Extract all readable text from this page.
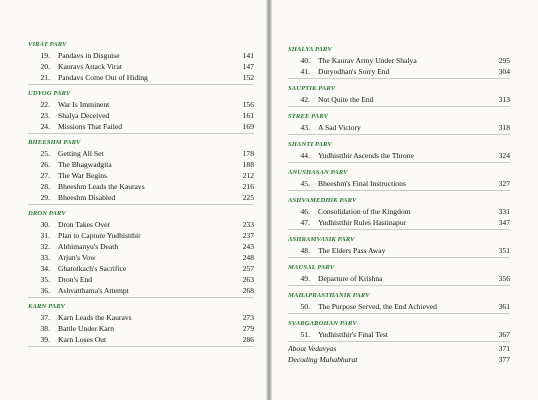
VIRAT PARV
19. Pandavs in Disguise	141
20. Kauravs Attack Virat	147
21. Pandavs Come Out of Hiding	152
UDYOG PARV
22. War Is Imminent	156
23. Shalya Deceived	161
24. Missions That Failed	169
BHEESHM PARV
25. Getting All Set	178
26. The Bhagwadgita	188
27. The War Begins	212
28. Bheeshm Leads the Kauravs	216
29. Bheeshm Disabled	225
DRON PARV
30. Dron Takes Over	233
31. Plan to Capture Yudhistthir	237
32. Abhimanyu's Death	243
33. Arjun's Vow	248
34. Ghatotkach's Sacrifice	257
35. Dron's End	263
36. Ashvatthama's Attempt	268
KARN PARV
37. Karn Leads the Kauravs	273
38. Battle Under Karn	279
39. Karn Loses Out	286
SHALYA PARV
40. The Kaurav Army Under Shalya	295
41. Duryodhan's Sorry End	304
SAUPTIK PARV
42. Not Quite the End	313
STREE PARV
43. A Sad Victory	318
SHANTI PARV
44. Yudhistthir Ascends the Throne	324
ANUSHASAN PARV
45. Bheeshm's Final Instructions	327
ASHVAMEDHIK PARV
46. Consolidation of the Kingdom	331
47. Yudhistthir Rules Hastinapur	347
ASHRAMVASIK PARV
48. The Elders Pass Away	351
MAUSAL PARV
49. Departure of Krishna	356
MAHAPRASTHANIK PARV
50. The Purpose Served, the End Achieved	361
SVARGAROHAN PARV
51. Yudhistthir's Final Test	367
About Vedavyas	371
Decoding Mahabharat	377
